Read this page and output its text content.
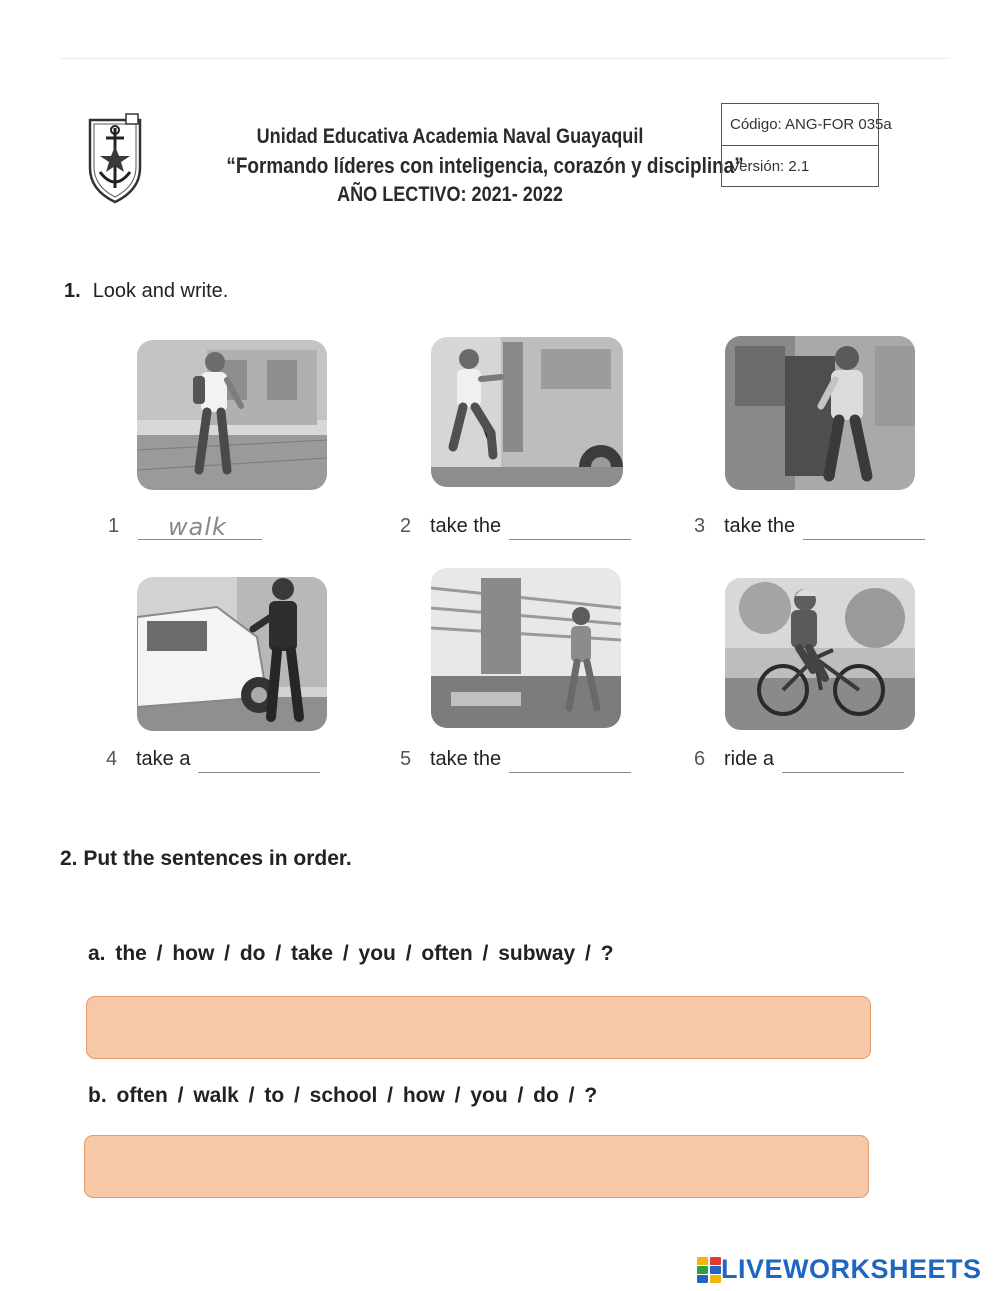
Unidad Educativa Academia Naval Guayaquil
“Formando líderes con inteligencia, corazón y disciplina”
AÑO LECTIVO: 2021- 2022
Código: ANG-FOR 035a
Versión: 2.1
1. Look and write.
1 walk	2 take the	3 take the
4 take a	5 take the	6 ride a
2. Put the sentences in order.
a. the / how / do / take / you / often / subway / ?
b. often / walk / to / school / how / you / do / ?
LIVEWORKSHEETS
